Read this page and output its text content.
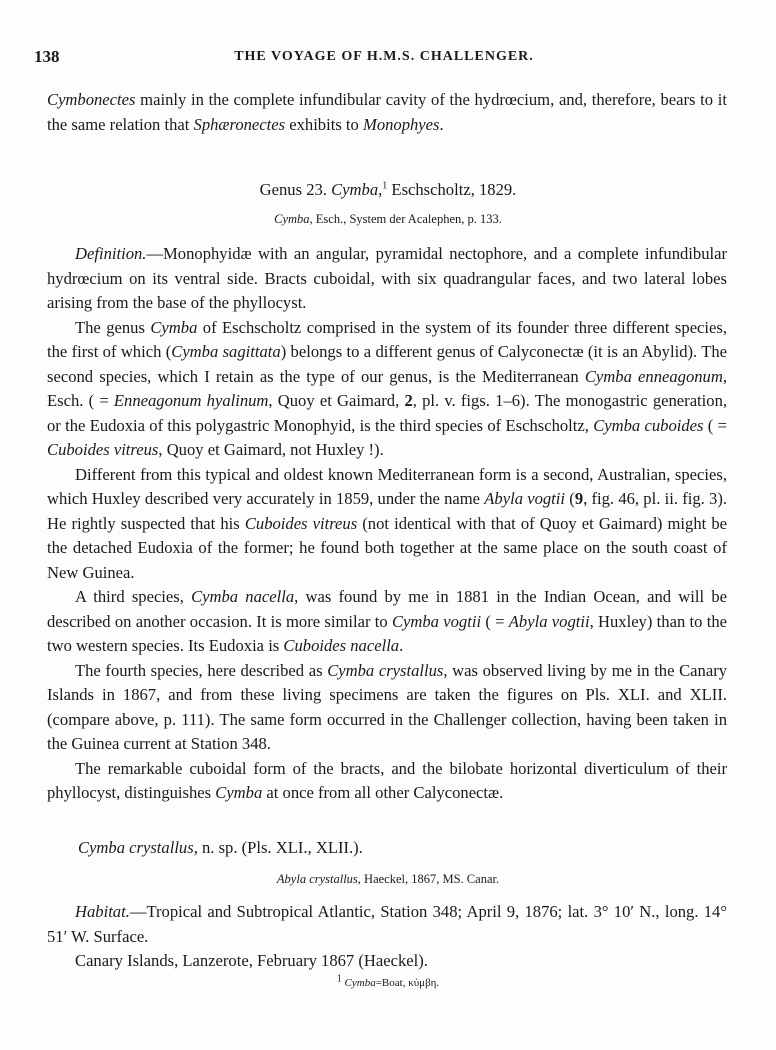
138	THE VOYAGE OF H.M.S. CHALLENGER.

Cymbonectes mainly in the complete infundibular cavity of the hydrœcium, and, therefore, bears to it the same relation that Sphæronectes exhibits to Monophyes.

Genus 23. Cymba,$^1$ Eschscholtz, 1829.
Cymba, Esch., System der Acalephen, p. 133.

Definition.—Monophyidæ with an angular, pyramidal nectophore, and a complete infundibular hydrœcium on its ventral side. Bracts cuboidal, with six quadrangular faces, and two lateral lobes arising from the base of the phyllocyst.

The genus Cymba of Eschscholtz comprised in the system of its founder three different species, the first of which (Cymba sagittata) belongs to a different genus of Calyconectæ (it is an Abylid). The second species, which I retain as the type of our genus, is the Mediterranean Cymba enneagonum, Esch. ( = Enneagonum hyalinum, Quoy et Gaimard, 2, pl. v. figs. 1–6). The monogastric generation, or the Eudoxia of this polygastric Monophyid, is the third species of Eschscholtz, Cymba cuboides ( = Cuboides vitreus, Quoy et Gaimard, not Huxley !).

Different from this typical and oldest known Mediterranean form is a second, Australian, species, which Huxley described very accurately in 1859, under the name Abyla vogtii (9, fig. 46, pl. ii. fig. 3). He rightly suspected that his Cuboides vitreus (not identical with that of Quoy et Gaimard) might be the detached Eudoxia of the former; he found both together at the same place on the south coast of New Guinea.

A third species, Cymba nacella, was found by me in 1881 in the Indian Ocean, and will be described on another occasion. It is more similar to Cymba vogtii ( = Abyla vogtii, Huxley) than to the two western species. Its Eudoxia is Cuboides nacella.

The fourth species, here described as Cymba crystallus, was observed living by me in the Canary Islands in 1867, and from these living specimens are taken the figures on Pls. XLI. and XLII. (compare above, p. 111). The same form occurred in the Challenger collection, having been taken in the Guinea current at Station 348.

The remarkable cuboidal form of the bracts, and the bilobate horizontal diverticulum of their phyllocyst, distinguishes Cymba at once from all other Calyconectæ.

Cymba crystallus, n. sp. (Pls. XLI., XLII.).
Abyla crystallus, Haeckel, 1867, MS. Canar.

Habitat.—Tropical and Subtropical Atlantic, Station 348; April 9, 1876; lat. 3° 10′ N., long. 14° 51′ W. Surface.

Canary Islands, Lanzerote, February 1867 (Haeckel).

$^1$ Cymba=Boat, κύμβη.
